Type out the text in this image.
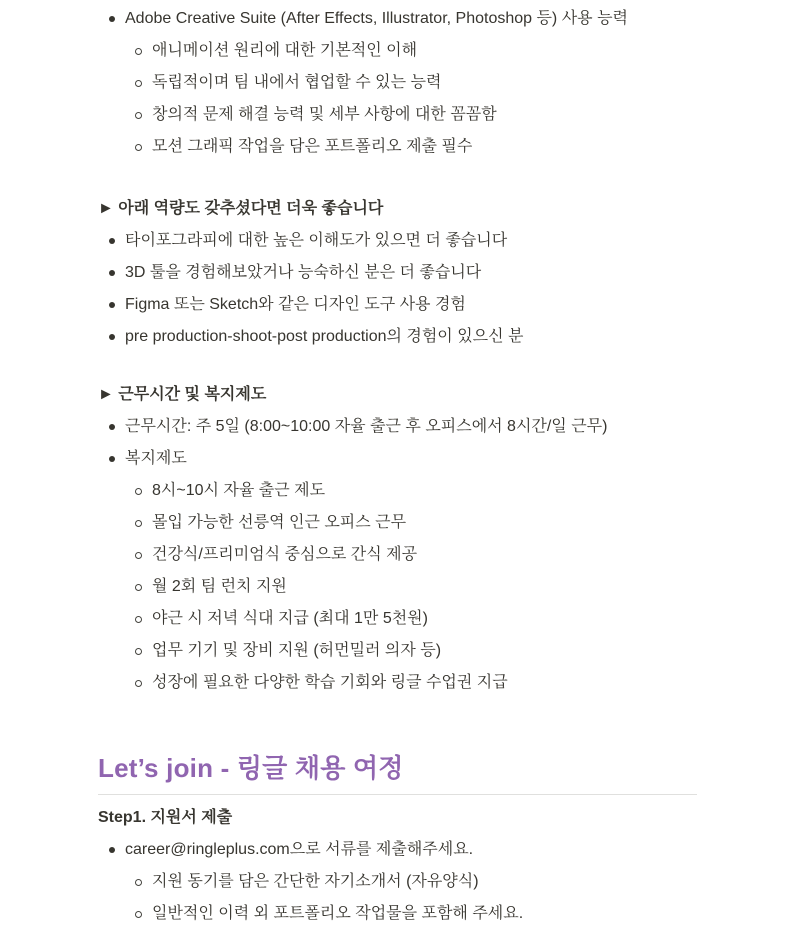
Adobe Creative Suite (After Effects, Illustrator, Photoshop 등) 사용 능력
애니메이션 원리에 대한 기본적인 이해
독립적이며 팀 내에서 협업할 수 있는 능력
창의적 문제 해결 능력 및 세부 사항에 대한 꼼꼼함
모션 그래픽 작업을 담은 포트폴리오 제출 필수
► 아래 역량도 갖추셨다면 더욱 좋습니다
타이포그라피에 대한 높은 이해도가 있으면 더 좋습니다
3D 툴을 경험해보았거나 능숙하신 분은 더 좋습니다
Figma 또는 Sketch와 같은 디자인 도구 사용 경험
pre production-shoot-post production의 경험이 있으신 분
► 근무시간 및 복지제도
근무시간: 주 5일 (8:00~10:00 자율 출근 후 오피스에서 8시간/일 근무)
복지제도
8시~10시 자율 출근 제도
몰입 가능한 선릉역 인근 오피스 근무
건강식/프리미엄식 중심으로 간식 제공
월 2회 팀 런치 지원
야근 시 저녁 식대 지급 (최대 1만 5천원)
업무 기기 및 장비 지원 (허먼밀러 의자 등)
성장에 필요한 다양한 학습 기회와 링글 수업권 지급
Let’s join - 링글 채용 여정
Step1. 지원서 제출
career@ringleplus.com으로 서류를 제출해주세요.
지원 동기를 담은 간단한 자기소개서 (자유양식)
일반적인 이력 외 포트폴리오 작업물을 포함해 주세요.
